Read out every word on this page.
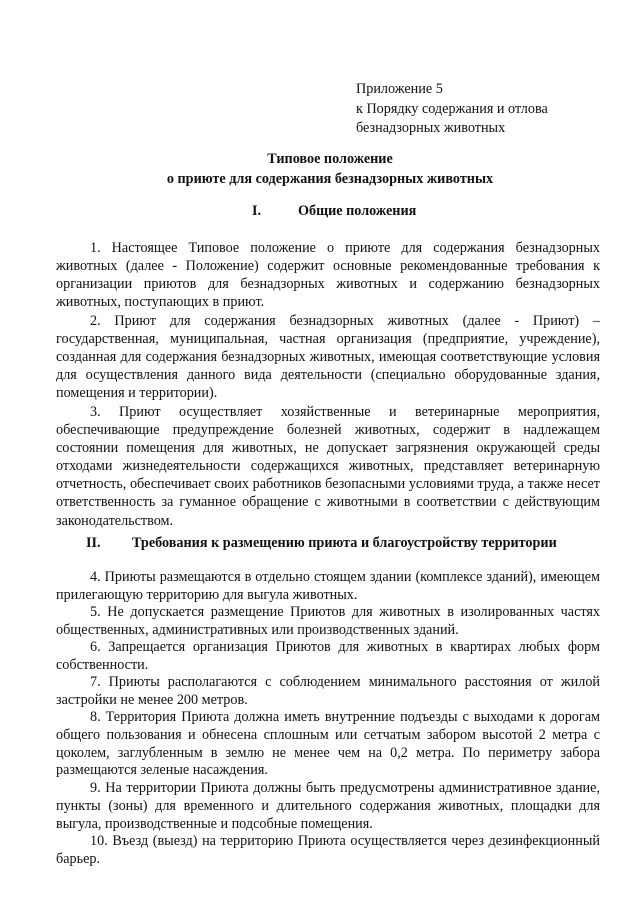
Приложение 5
к Порядку содержания и отлова
безнадзорных животных
Типовое положение
о приюте для содержания безнадзорных животных
I.	Общие положения
1. Настоящее Типовое положение о приюте для содержания безнадзорных животных (далее - Положение) содержит основные рекомендованные требования к организации приютов для безнадзорных животных и содержанию безнадзорных животных, поступающих в приют.
2. Приют для содержания безнадзорных животных (далее - Приют) – государственная, муниципальная, частная организация (предприятие, учреждение), созданная для содержания безнадзорных животных, имеющая соответствующие условия для осуществления данного вида деятельности (специально оборудованные здания, помещения и территории).
3. Приют осуществляет хозяйственные и ветеринарные мероприятия, обеспечивающие предупреждение болезней животных, содержит в надлежащем состоянии помещения для животных, не допускает загрязнения окружающей среды отходами жизнедеятельности содержащихся животных, представляет ветеринарную отчетность, обеспечивает своих работников безопасными условиями труда, а также несет ответственность за гуманное обращение с животными в соответствии с действующим законодательством.
II. Требования к размещению приюта и благоустройству территории
4. Приюты размещаются в отдельно стоящем здании (комплексе зданий), имеющем прилегающую территорию для выгула животных.
5. Не допускается размещение Приютов для животных в изолированных частях общественных, административных или производственных зданий.
6. Запрещается организация Приютов для животных в квартирах любых форм собственности.
7. Приюты располагаются с соблюдением минимального расстояния от жилой застройки не менее 200 метров.
8. Территория Приюта должна иметь внутренние подъезды с выходами к дорогам общего пользования и обнесена сплошным или сетчатым забором высотой 2 метра с цоколем, заглубленным в землю не менее чем на 0,2 метра. По периметру забора размещаются зеленые насаждения.
9. На территории Приюта должны быть предусмотрены административное здание, пункты (зоны) для временного и длительного содержания животных, площадки для выгула, производственные и подсобные помещения.
10. Въезд (выезд) на территорию Приюта осуществляется через дезинфекционный барьер.
